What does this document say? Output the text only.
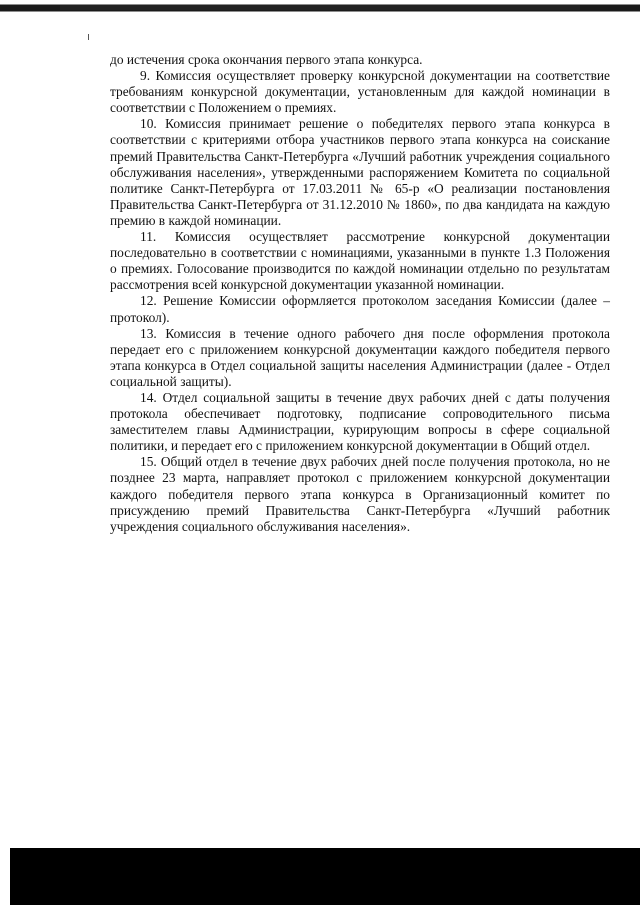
до истечения срока окончания первого этапа конкурса.

9. Комиссия осуществляет проверку конкурсной документации на соответствие требованиям конкурсной документации, установленным для каждой номинации в соответствии с Положением о премиях.

10. Комиссия принимает решение о победителях первого этапа конкурса в соответствии с критериями отбора участников первого этапа конкурса на соискание премий Правительства Санкт-Петербурга «Лучший работник учреждения социального обслуживания населения», утвержденными распоряжением Комитета по социальной политике Санкт-Петербурга от 17.03.2011 № 65-р «О реализации постановления Правительства Санкт-Петербурга от 31.12.2010 № 1860», по два кандидата на каждую премию в каждой номинации.

11. Комиссия осуществляет рассмотрение конкурсной документации последовательно в соответствии с номинациями, указанными в пункте 1.3 Положения о премиях. Голосование производится по каждой номинации отдельно по результатам рассмотрения всей конкурсной документации указанной номинации.

12. Решение Комиссии оформляется протоколом заседания Комиссии (далее – протокол).

13. Комиссия в течение одного рабочего дня после оформления протокола передает его с приложением конкурсной документации каждого победителя первого этапа конкурса в Отдел социальной защиты населения Администрации (далее - Отдел социальной защиты).

14. Отдел социальной защиты в течение двух рабочих дней с даты получения протокола обеспечивает подготовку, подписание сопроводительного письма заместителем главы Администрации, курирующим вопросы в сфере социальной политики, и передает его с приложением конкурсной документации в Общий отдел.

15. Общий отдел в течение двух рабочих дней после получения протокола, но не позднее 23 марта, направляет протокол с приложением конкурсной документации каждого победителя первого этапа конкурса в Организационный комитет по присуждению премий Правительства Санкт-Петербурга «Лучший работник учреждения социального обслуживания населения».
